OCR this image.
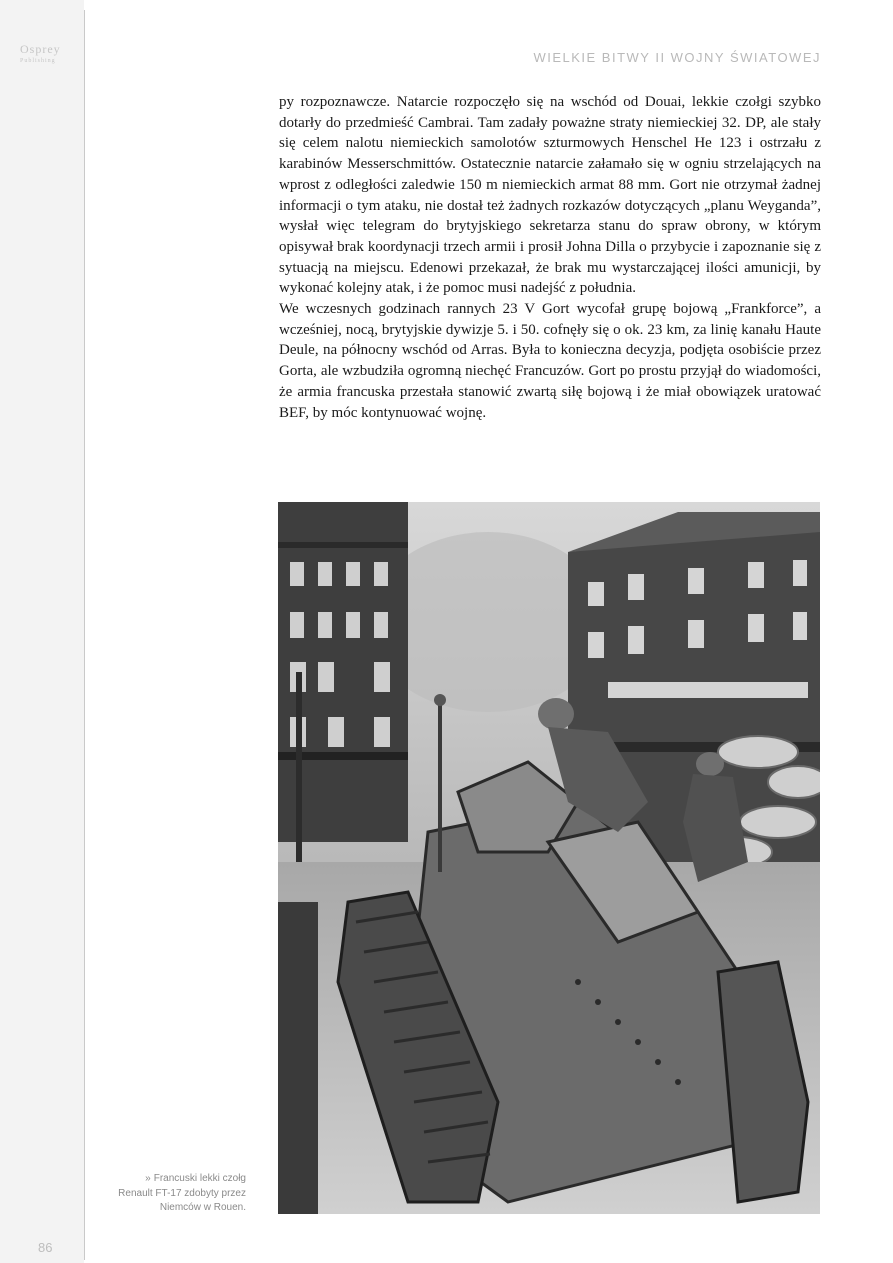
Osprey
Publishing	WIELKIE BITWY II WOJNY ŚWIATOWEJ

py rozpoznawcze. Natarcie rozpoczęło się na wschód od Douai, lekkie czołgi szybko dotarły do przedmieść Cambrai. Tam zadały poważne straty niemieckiej 32. DP, ale stały się celem nalotu niemieckich samolotów szturmowych Henschel He 123 i ostrzału z karabinów Messerschmittów. Ostatecznie natarcie załamało się w ogniu strzelających na wprost z odległości zaledwie 150 m niemieckich armat 88 mm. Gort nie otrzymał żadnej informacji o tym ataku, nie dostał też żadnych rozkazów dotyczących „planu Weyganda”, wysłał więc telegram do brytyjskiego sekretarza stanu do spraw obrony, w którym opisywał brak koordynacji trzech armii i prosił Johna Dilla o przybycie i zapoznanie się z sytuacją na miejscu. Edenowi przekazał, że brak mu wystarczającej ilości amunicji, by wykonać kolejny atak, i że pomoc musi nadejść z południa.

We wczesnych godzinach rannych 23 V Gort wycofał grupę bojową „Frankforce”, a wcześniej, nocą, brytyjskie dywizje 5. i 50. cofnęły się o ok. 23 km, za linię kanału Haute Deule, na północny wschód od Arras. Była to konieczna decyzja, podjęta osobiście przez Gorta, ale wzbudziła ogromną niechęć Francuzów. Gort po prostu przyjął do wiadomości, że armia francuska przestała stanowić zwartą siłę bojową i że miał obowiązek uratować BEF, by móc kontynuować wojnę.

» Francuski lekki czołg
Renault FT-17 zdobyty przez
Niemców w Rouen.
86
